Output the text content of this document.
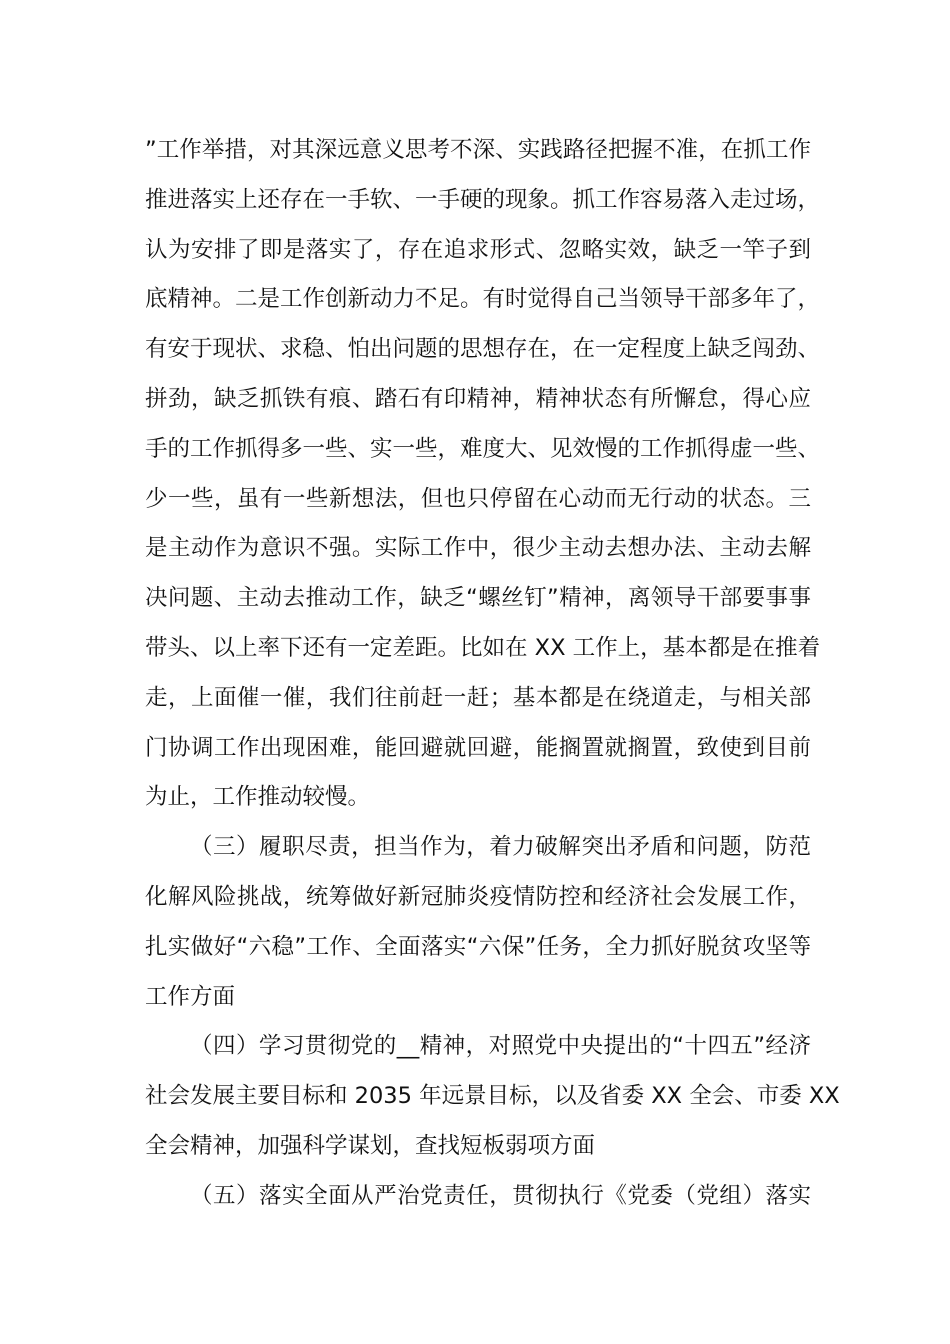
”工作举措，对其深远意义思考不深、实践路径把握不准，在抓工作
推进落实上还存在一手软、一手硬的现象。抓工作容易落入走过场，
认为安排了即是落实了，存在追求形式、忽略实效，缺乏一竿子到
底精神。二是工作创新动力不足。有时觉得自己当领导干部多年了，
有安于现状、求稳、怕出问题的思想存在，在一定程度上缺乏闯劲、
拼劲，缺乏抓铁有痕、踏石有印精神，精神状态有所懈怠，得心应
手的工作抓得多一些、实一些，难度大、见效慢的工作抓得虚一些、
少一些，虽有一些新想法，但也只停留在心动而无行动的状态。三
是主动作为意识不强。实际工作中，很少主动去想办法、主动去解
决问题、主动去推动工作，缺乏“螺丝钉”精神，离领导干部要事事
带头、以上率下还有一定差距。比如在 XX 工作上，基本都是在推着
走，上面催一催，我们往前赶一赶；基本都是在绕道走，与相关部
门协调工作出现困难，能回避就回避，能搁置就搁置，致使到目前
为止，工作推动较慢。
（三）履职尽责，担当作为，着力破解突出矛盾和问题，防范
化解风险挑战，统筹做好新冠肺炎疫情防控和经济社会发展工作，
扎实做好“六稳”工作、全面落实“六保”任务，全力抓好脱贫攻坚等
工作方面
（四）学习贯彻党的__精神，对照党中央提出的“十四五”经济
社会发展主要目标和 2035 年远景目标，以及省委 XX 全会、市委 XX
全会精神，加强科学谋划，查找短板弱项方面
（五）落实全面从严治党责任，贯彻执行《党委（党组）落实
